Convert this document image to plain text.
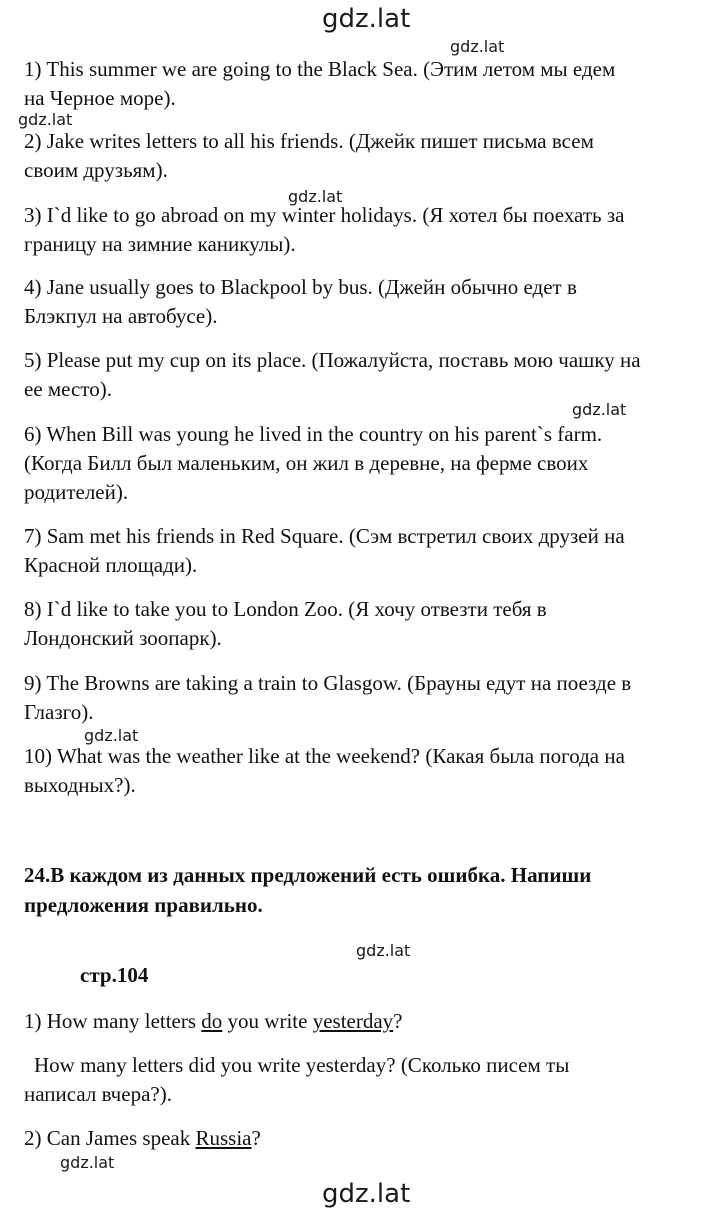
gdz.lat
gdz.lat
gdz.lat
gdz.lat
gdz.lat
gdz.lat
gdz.lat
gdz.lat
gdz.lat
1) This summer we are going to the Black Sea. (Этим летом мы едем
на Черное море).
2) Jake writes letters to all his friends. (Джейк пишет письма всем
своим друзьям).
3) I`d like to go abroad on my winter holidays. (Я хотел бы поехать за
границу на зимние каникулы).
4) Jane usually goes to Blackpool by bus. (Джейн обычно едет в
Блэкпул на автобусе).
5) Please put my cup on its place. (Пожалуйста, поставь мою чашку на
ее место).
6) When Bill was young he lived in the country on his parent`s farm.
(Когда Билл был маленьким, он жил в деревне, на ферме своих
родителей).
7) Sam met his friends in Red Square. (Сэм встретил своих друзей на
Красной площади).
8) I`d like to take you to London Zoo. (Я хочу отвезти тебя в
Лондонский зоопарк).
9) The Browns are taking a train to Glasgow. (Брауны едут на поезде в
Глазго).
10) What was the weather like at the weekend? (Какая была погода на
выходных?).
24.В каждом из данных предложений есть ошибка. Напиши
предложения правильно.
стр.104
1) How many letters do you write yesterday?
How many letters did you write yesterday? (Сколько писем ты
написал вчера?).
2) Can James speak Russia?
